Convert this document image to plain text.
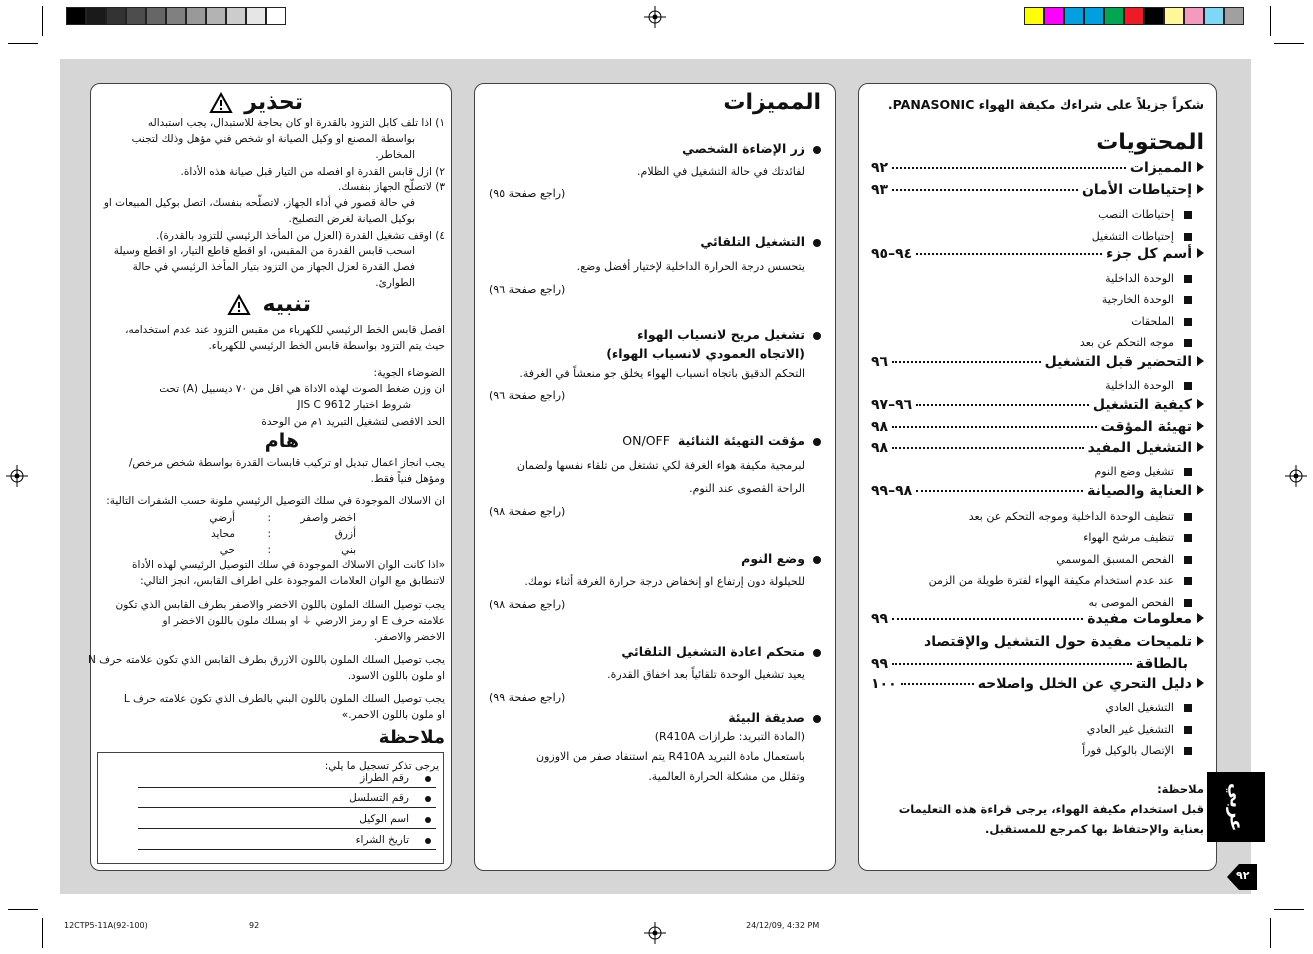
شكراً جزيلاً على شراءك مكيفة الهواء PANASONIC.
المحتويات
المميزات
٩٢
إحتياطات الأمان
٩٣
أسم كل جزء
٩٤–٩٥
التحضير قبل التشغيل
٩٦
كيفية التشغيل
٩٦–٩٧
تهيئة المؤقت
٩٨
التشغيل المفيد
٩٨
العناية والصيانة
٩٨–٩٩
معلومات مفيدة
٩٩
تلميحات مفيدة حول التشغيل والإقتصاد
بالطاقة
٩٩
دليل التحري عن الخلل واصلاحه
١٠٠
إحتياطات النصب
إحتياطات التشغيل
الوحدة الداخلية
الوحدة الخارجية
الملحقات
موجه التحكم عن بعد
الوحدة الداخلية
تشغيل وضع النوم
تنظيف الوحدة الداخلية وموجه التحكم عن بعد
تنظيف مرشح الهواء
الفحص المسبق الموسمي
عند عدم استخدام مكيفة الهواء لفترة طويلة من الزمن
الفحص الموصى به
التشغيل العادي
التشغيل غير العادي
الإتصال بالوكيل فوراً
ملاحظة:
قبل استخدام مكيفة الهواء، يرجى قراءة هذه التعليمات
بعناية والإحتفاظ بها كمرجع للمستقبل. عربي
٩٢
المميزات
زر الإضاءة الشخصي
لفائدتك في حالة التشغيل في الظلام.
(راجع صفحة ٩٥)
التشغيل التلقائي
يتحسس درجة الحرارة الداخلية لإختيار أفضل وضع.
(راجع صفحة ٩٦)
تشغيل مريح لانسياب الهواء
(الاتجاه العمودي لانسياب الهواء)
التحكم الدقيق باتجاه انسياب الهواء يخلق جو منعشاً في الغرفة.
(راجع صفحة ٩٦)
مؤقت التهيئة الثنائيةON/OFF
لبرمجية مكيفة هواء الغرفة لكي تشتغل من تلقاء نفسها ولضمان
الراحة القصوى عند النوم.
(راجع صفحة ٩٨)
وضع النوم
للحيلولة دون إرتفاع او إنخفاض درجة حرارة الغرفة أثناء نومك.
(راجع صفحة ٩٨)
متحكم اعادة التشغيل التلقائي
يعيد تشغيل الوحدة تلقائياً بعد اخفاق القدرة.
(راجع صفحة ٩٩)
صديقة البيئة
(المادة التبريد: طرازات R410A)
باستعمال مادة التبريد R410A يتم استنفاد صفر من الاوزون
وتقلل من مشكلة الحرارة العالمية.
تحذير
١) اذا تلف كابل التزود بالقدرة او كان بحاجة للاستبدال، يجب استبداله
بواسطة المصنع او وكيل الصيانة او شخص فني مؤهل وذلك لتجنب
المخاطر.
٢) ازل قابس القدرة او افصله من التيار قبل صيانة هذه الأداة.
٣) لاتصلّح الجهاز بنفسك.
في حالة قصور في أداء الجهاز، لاتصلّحه بنفسك، اتصل بوكيل المبيعات او
بوكيل الصيانة لغرض التصليح.
٤) اوقف تشغيل القدرة (العزل من المأخذ الرئيسي للتزود بالقدرة).
اسحب قابس القدرة من المقبس، او اقطع قاطع التيار، او اقطع وسيلة
فصل القدرة لعزل الجهاز من التزود بتيار المأخذ الرئيسي في حالة
الطوارئ.
تنبيه
افصل قابس الخط الرئيسي للكهرباء من مقبس التزود عند عدم استخدامه،
حيث يتم التزود بواسطة قابس الخط الرئيسي للكهرباء.
الضوضاء الجوية:
ان وزن ضغط الصوت لهذه الاداة هي اقل من ٧٠ ديسبيل (A) تحت
شروط اختبار JIS C 9612
الحد الاقصى لتشغيل التبريد ١م من الوحدة
هام
يجب انجاز اعمال تبديل او تركيب قابسات القدرة بواسطة شخص مرخص/
ومؤهل فنياً فقط.
ان الاسلاك الموجودة في سلك التوصيل الرئيسي ملونة حسب الشفرات التالية:
اخضر واصفر
:
أرضي
أزرق
:
محايد
بني
:
حي
«اذا كانت الوان الاسلاك الموجودة في سلك التوصيل الرئيسي لهذه الأداة
لاتنطابق مع الوان العلامات الموجودة على اطراف القابس، انجز التالي:
يجب توصيل السلك الملون باللون الاخضر والاصفر بطرف القابس الذي تكون
علامته حرف E او رمز الارضي ⏚ او بسلك ملون باللون الاخضر او
الاخضر والاصفر.
يجب توصيل السلك الملون باللون الازرق بطرف القابس الذي تكون علامته حرف N
او ملون باللون الاسود.
يجب توصيل السلك الملون باللون البني بالطرف الذي تكون علامته حرف L
او ملون باللون الاحمر.»
ملاحظة
يرجى تذكر تسجيل ما يلي:
رقم الطراز
رقم التسلسل
اسم الوكيل
تاريخ الشراء
12CTP5-11A(92-100)	92	24/12/09, 4:32 PM
